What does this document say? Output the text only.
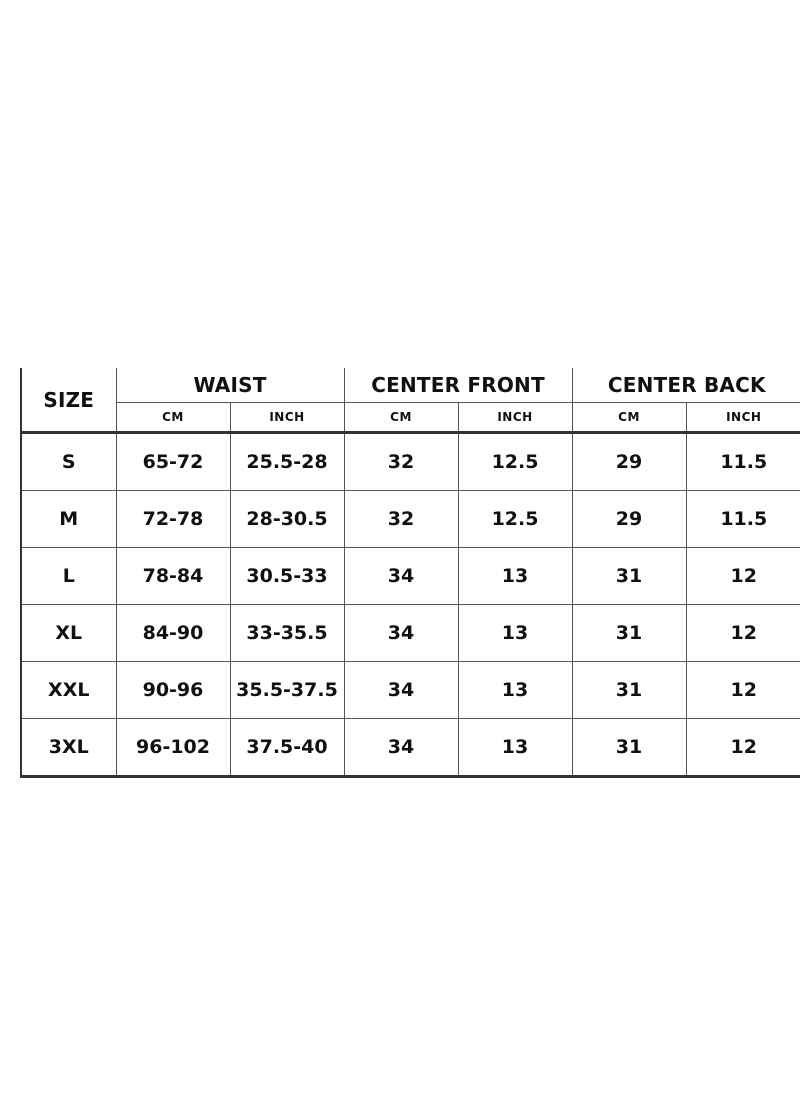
SIZE	WAIST		CENTER FRONT		CENTER BACK	
	CM	INCH	CM	INCH	CM	INCH
S	65-72	25.5-28	32	12.5	29	11.5
M	72-78	28-30.5	32	12.5	29	11.5
L	78-84	30.5-33	34	13	31	12
XL	84-90	33-35.5	34	13	31	12
XXL	90-96	35.5-37.5	34	13	31	12
3XL	96-102	37.5-40	34	13	31	12
